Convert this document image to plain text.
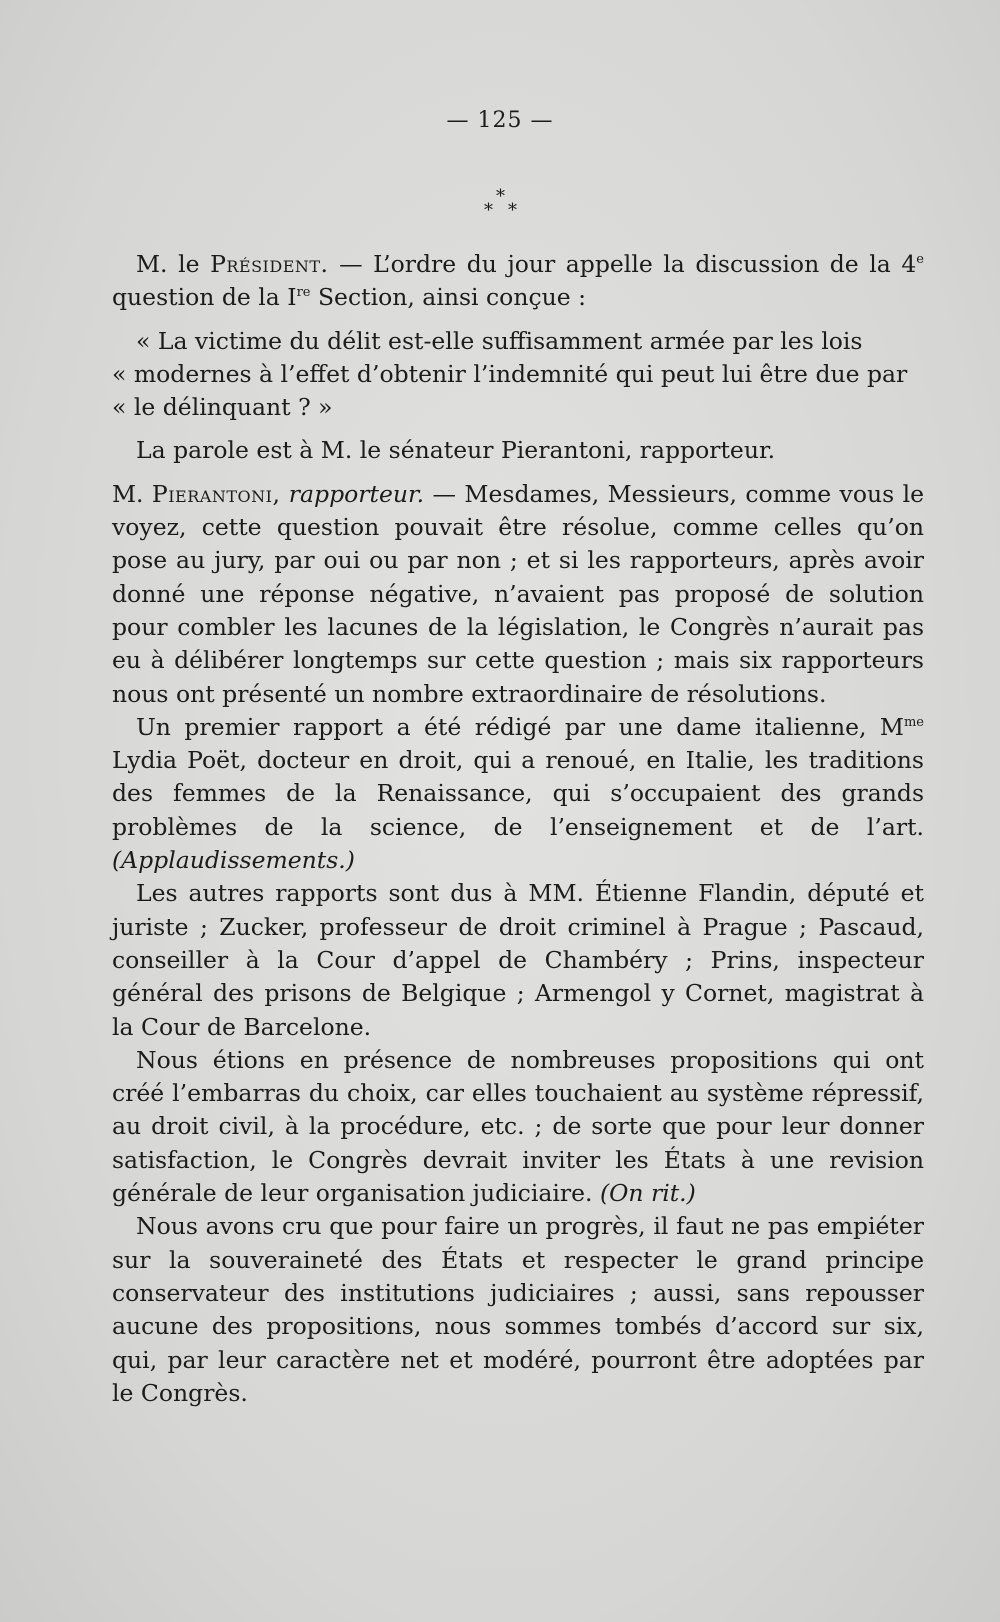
— 125 —
*
* *

M. le Président. — L’ordre du jour appelle la discussion de la 4e question de la Ire Section, ainsi conçue :

« La victime du délit est-elle suffisamment armée par les lois

« modernes à l’effet d’obtenir l’indemnité qui peut lui être due par

« le délinquant ? »

La parole est à M. le sénateur Pierantoni, rapporteur.

M. Pierantoni, rapporteur. — Mesdames, Messieurs, comme vous le voyez, cette question pouvait être résolue, comme celles qu’on pose au jury, par oui ou par non ; et si les rapporteurs, après avoir donné une réponse négative, n’avaient pas proposé de solution pour combler les lacunes de la législation, le Congrès n’aurait pas eu à délibérer longtemps sur cette question ; mais six rapporteurs nous ont présenté un nombre extraordinaire de résolutions.

Un premier rapport a été rédigé par une dame italienne, $M^{me}$ Lydia Poët, docteur en droit, qui a renoué, en Italie, les traditions des femmes de la Renaissance, qui s’occupaient des grands problèmes de la science, de l’enseignement et de l’art. (Applaudissements.)

Les autres rapports sont dus à MM. Étienne Flandin, député et juriste ; Zucker, professeur de droit criminel à Prague ; Pascaud, conseiller à la Cour d’appel de Chambéry ; Prins, inspecteur général des prisons de Belgique ; Armengol y Cornet, magistrat à la Cour de Barcelone.

Nous étions en présence de nombreuses propositions qui ont créé l’embarras du choix, car elles touchaient au système répressif, au droit civil, à la procédure, etc. ; de sorte que pour leur donner satisfaction, le Congrès devrait inviter les États à une revision générale de leur organisation judiciaire. (On rit.)

Nous avons cru que pour faire un progrès, il faut ne pas empiéter sur la souveraineté des États et respecter le grand principe conservateur des institutions judiciaires ; aussi, sans repousser aucune des propositions, nous sommes tombés d’accord sur six, qui, par leur caractère net et modéré, pourront être adoptées par le Congrès.
